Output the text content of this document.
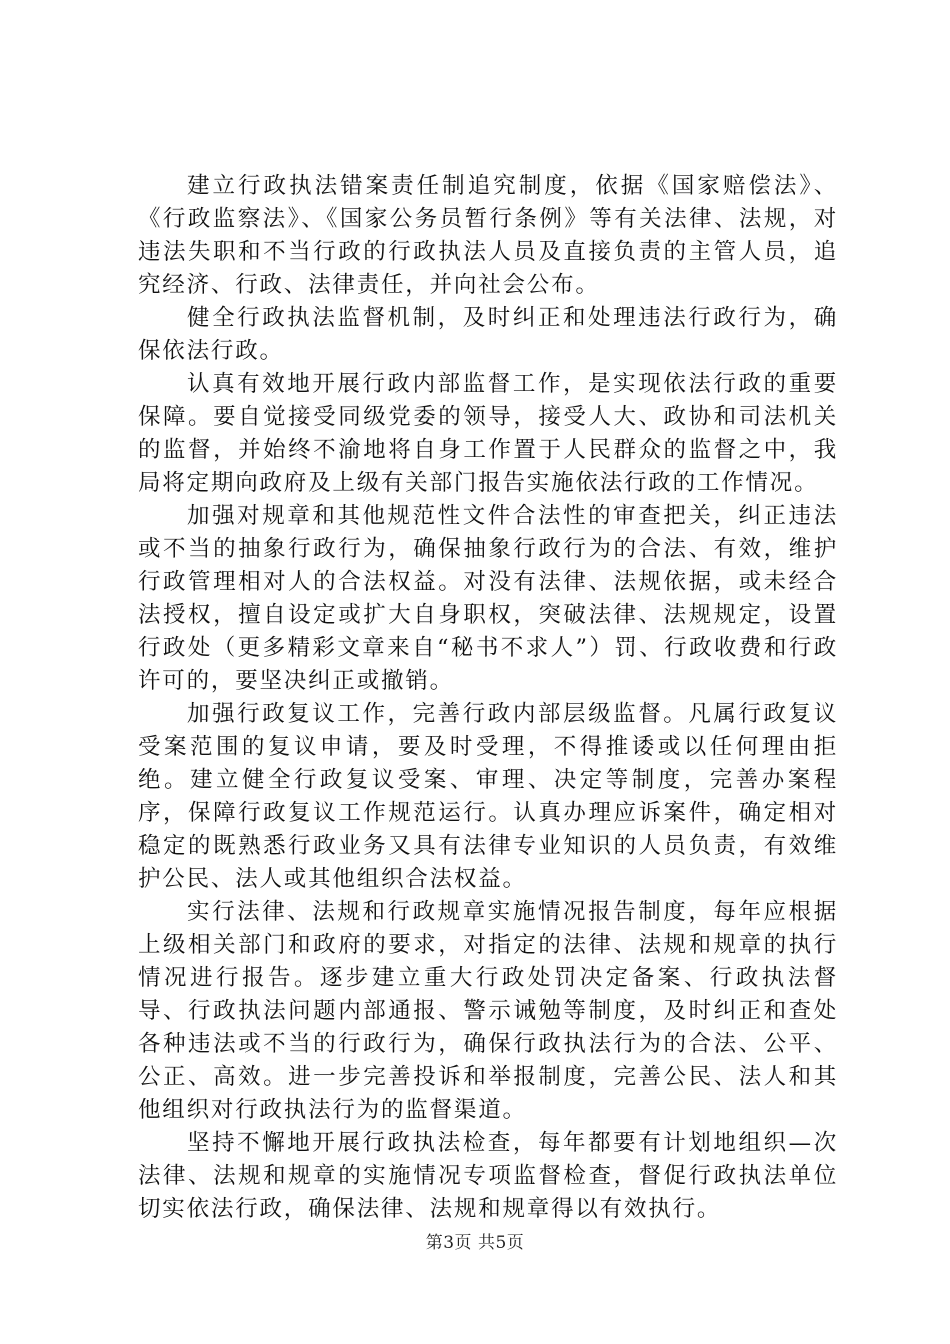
建立行政执法错案责任制追究制度，依据《国家赔偿法》、《行政监察法》、《国家公务员暂行条例》等有关法律、法规，对违法失职和不当行政的行政执法人员及直接负责的主管人员，追究经济、行政、法律责任，并向社会公布。

健全行政执法监督机制，及时纠正和处理违法行政行为，确保依法行政。

认真有效地开展行政内部监督工作，是实现依法行政的重要保障。要自觉接受同级党委的领导，接受人大、政协和司法机关的监督，并始终不渝地将自身工作置于人民群众的监督之中，我局将定期向政府及上级有关部门报告实施依法行政的工作情况。

加强对规章和其他规范性文件合法性的审查把关，纠正违法或不当的抽象行政行为，确保抽象行政行为的合法、有效，维护行政管理相对人的合法权益。对没有法律、法规依据，或未经合法授权，擅自设定或扩大自身职权，突破法律、法规规定，设置行政处（更多精彩文章来自“秘书不求人”）罚、行政收费和行政许可的，要坚决纠正或撤销。

加强行政复议工作，完善行政内部层级监督。凡属行政复议受案范围的复议申请，要及时受理，不得推诿或以任何理由拒绝。建立健全行政复议受案、审理、决定等制度，完善办案程序，保障行政复议工作规范运行。认真办理应诉案件，确定相对稳定的既熟悉行政业务又具有法律专业知识的人员负责，有效维护公民、法人或其他组织合法权益。

实行法律、法规和行政规章实施情况报告制度，每年应根据上级相关部门和政府的要求，对指定的法律、法规和规章的执行情况进行报告。逐步建立重大行政处罚决定备案、行政执法督导、行政执法问题内部通报、警示诫勉等制度，及时纠正和查处各种违法或不当的行政行为，确保行政执法行为的合法、公平、公正、高效。进一步完善投诉和举报制度，完善公民、法人和其他组织对行政执法行为的监督渠道。

坚持不懈地开展行政执法检查，每年都要有计划地组织—次法律、法规和规章的实施情况专项监督检查，督促行政执法单位切实依法行政，确保法律、法规和规章得以有效执行。

第3页 共5页
